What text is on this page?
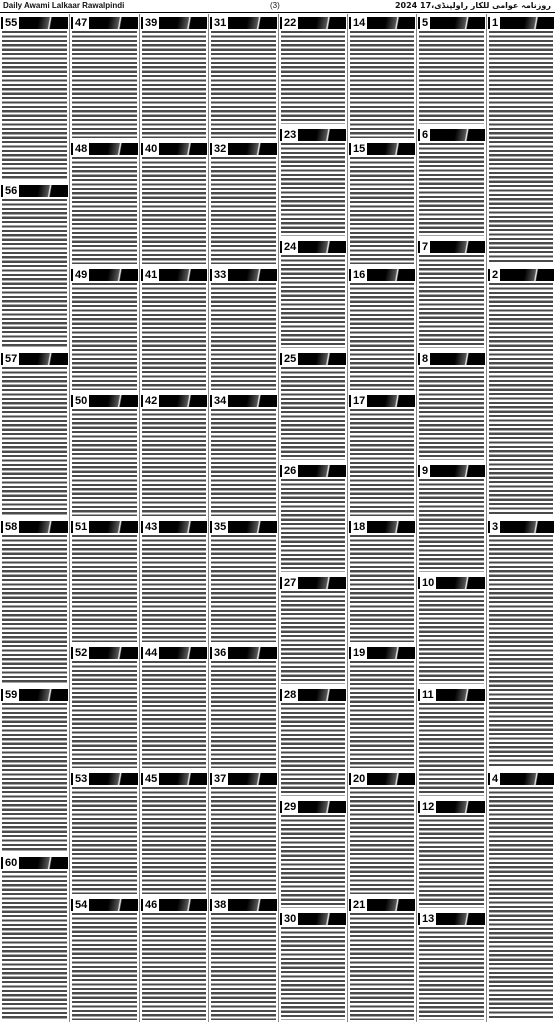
Daily Awami Lalkaar Rawalpindi	(3)	روزنامہ عوامی للکار راولپنڈی،17 2024
55
56
57
58
59
60
47
48
49
50
51
52
53
54
39
40
41
42
43
44
45
46
31
32
33
34
35
36
37
38
22
23
24
25
26
27
28
29
30
14
15
16
17
18
19
20
21
5
6
7
8
9
10
11
12
13
1
2
3
4
